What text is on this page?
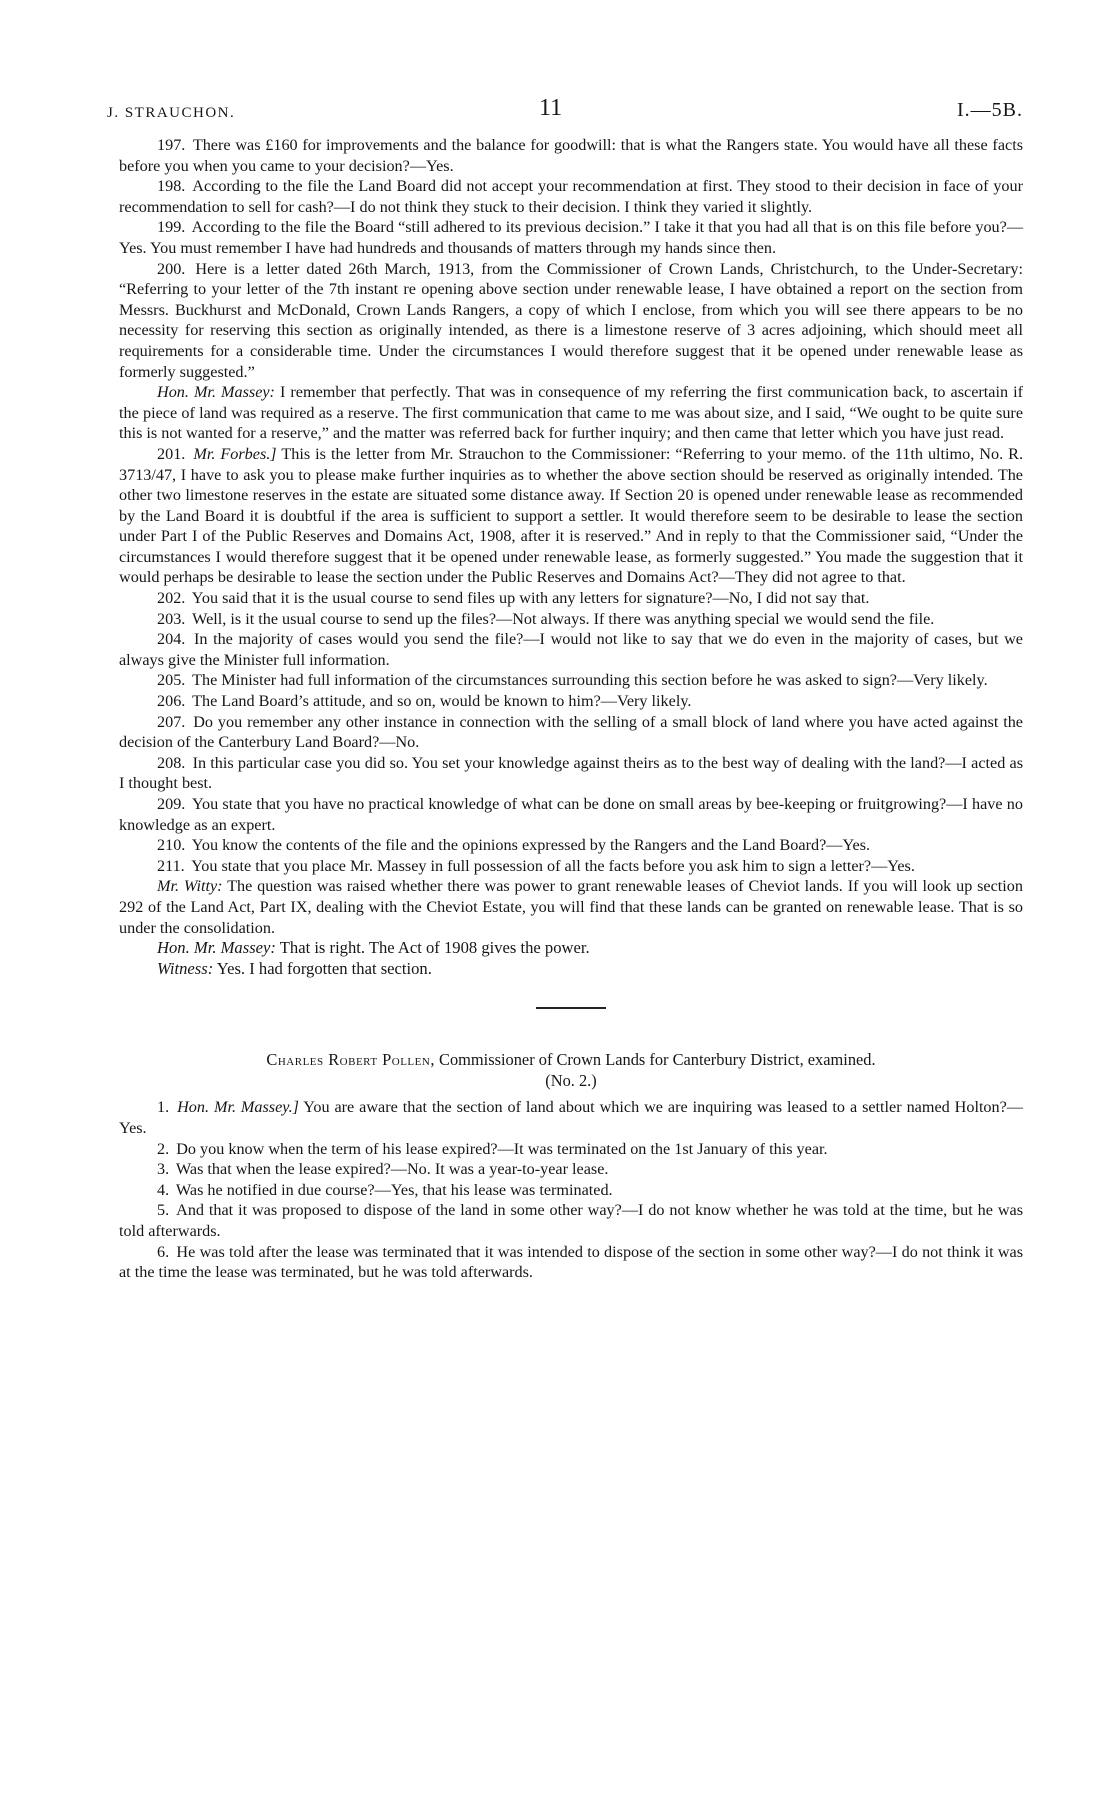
J. STRAUCHON.	11	I.—5B.

197. There was £160 for improvements and the balance for goodwill: that is what the Rangers state. You would have all these facts before you when you came to your decision?—Yes.

198. According to the file the Land Board did not accept your recommendation at first. They stood to their decision in face of your recommendation to sell for cash?—I do not think they stuck to their decision. I think they varied it slightly.

199. According to the file the Board “still adhered to its previous decision.” I take it that you had all that is on this file before you?—Yes. You must remember I have had hundreds and thousands of matters through my hands since then.

200. Here is a letter dated 26th March, 1913, from the Commissioner of Crown Lands, Christchurch, to the Under-Secretary: “Referring to your letter of the 7th instant re opening above section under renewable lease, I have obtained a report on the section from Messrs. Buckhurst and McDonald, Crown Lands Rangers, a copy of which I enclose, from which you will see there appears to be no necessity for reserving this section as originally intended, as there is a limestone reserve of 3 acres adjoining, which should meet all requirements for a considerable time. Under the circumstances I would therefore suggest that it be opened under renewable lease as formerly suggested.”

Hon. Mr. Massey: I remember that perfectly. That was in consequence of my referring the first communication back, to ascertain if the piece of land was required as a reserve. The first communication that came to me was about size, and I said, “We ought to be quite sure this is not wanted for a reserve,” and the matter was referred back for further inquiry; and then came that letter which you have just read.

201. Mr. Forbes.] This is the letter from Mr. Strauchon to the Commissioner: “Referring to your memo. of the 11th ultimo, No. R. 3713/47, I have to ask you to please make further inquiries as to whether the above section should be reserved as originally intended. The other two limestone reserves in the estate are situated some distance away. If Section 20 is opened under renewable lease as recommended by the Land Board it is doubtful if the area is sufficient to support a settler. It would therefore seem to be desirable to lease the section under Part I of the Public Reserves and Domains Act, 1908, after it is reserved.” And in reply to that the Commissioner said, “Under the circumstances I would therefore suggest that it be opened under renewable lease, as formerly suggested.” You made the suggestion that it would perhaps be desirable to lease the section under the Public Reserves and Domains Act?—They did not agree to that.

202. You said that it is the usual course to send files up with any letters for signature?—No, I did not say that.

203. Well, is it the usual course to send up the files?—Not always. If there was anything special we would send the file.

204. In the majority of cases would you send the file?—I would not like to say that we do even in the majority of cases, but we always give the Minister full information.

205. The Minister had full information of the circumstances surrounding this section before he was asked to sign?—Very likely.

206. The Land Board’s attitude, and so on, would be known to him?—Very likely.

207. Do you remember any other instance in connection with the selling of a small block of land where you have acted against the decision of the Canterbury Land Board?—No.

208. In this particular case you did so. You set your knowledge against theirs as to the best way of dealing with the land?—I acted as I thought best.

209. You state that you have no practical knowledge of what can be done on small areas by bee-keeping or fruitgrowing?—I have no knowledge as an expert.

210. You know the contents of the file and the opinions expressed by the Rangers and the Land Board?—Yes.

211. You state that you place Mr. Massey in full possession of all the facts before you ask him to sign a letter?—Yes.

Mr. Witty: The question was raised whether there was power to grant renewable leases of Cheviot lands. If you will look up section 292 of the Land Act, Part IX, dealing with the Cheviot Estate, you will find that these lands can be granted on renewable lease. That is so under the consolidation.

Hon. Mr. Massey: That is right. The Act of 1908 gives the power.

Witness: Yes. I had forgotten that section.

Charles Robert Pollen, Commissioner of Crown Lands for Canterbury District, examined.
(No. 2.)

1. Hon. Mr. Massey.] You are aware that the section of land about which we are inquiring was leased to a settler named Holton?—Yes.

2. Do you know when the term of his lease expired?—It was terminated on the 1st January of this year.

3. Was that when the lease expired?—No. It was a year-to-year lease.

4. Was he notified in due course?—Yes, that his lease was terminated.

5. And that it was proposed to dispose of the land in some other way?—I do not know whether he was told at the time, but he was told afterwards.

6. He was told after the lease was terminated that it was intended to dispose of the section in some other way?—I do not think it was at the time the lease was terminated, but he was told afterwards.
